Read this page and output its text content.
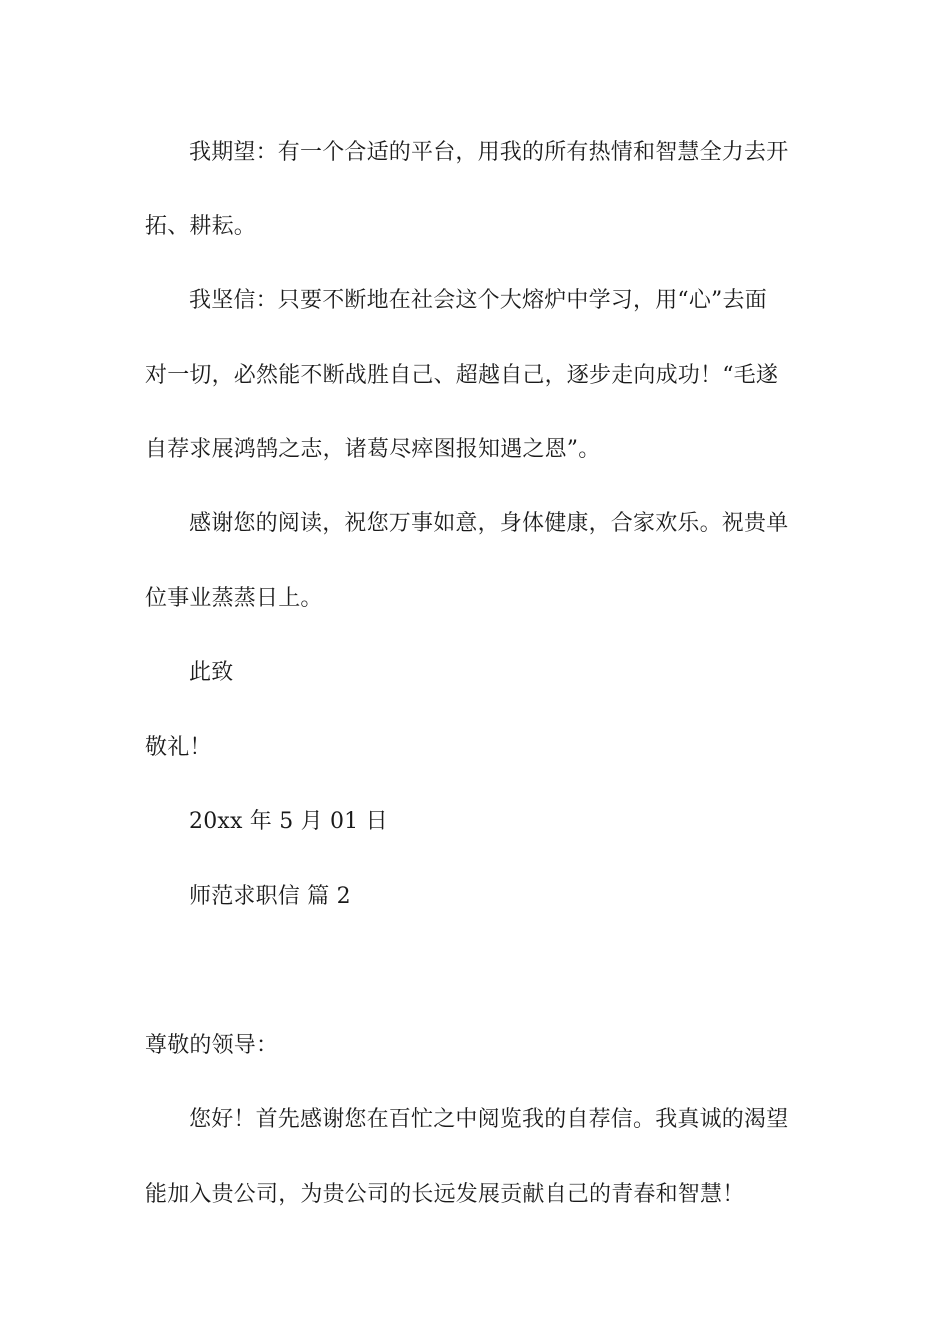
我期望：有一个合适的平台，用我的所有热情和智慧全力去开
拓、耕耘。
我坚信：只要不断地在社会这个大熔炉中学习，用“心”去面
对一切，必然能不断战胜自己、超越自己，逐步走向成功！“毛遂
自荐求展鸿鹄之志，诸葛尽瘁图报知遇之恩”。
感谢您的阅读，祝您万事如意，身体健康，合家欢乐。祝贵单
位事业蒸蒸日上。
此致
敬礼！
20xx 年 5 月 01 日
师范求职信 篇 2
尊敬的领导：
您好！首先感谢您在百忙之中阅览我的自荐信。我真诚的渴望
能加入贵公司，为贵公司的长远发展贡献自己的青春和智慧！
